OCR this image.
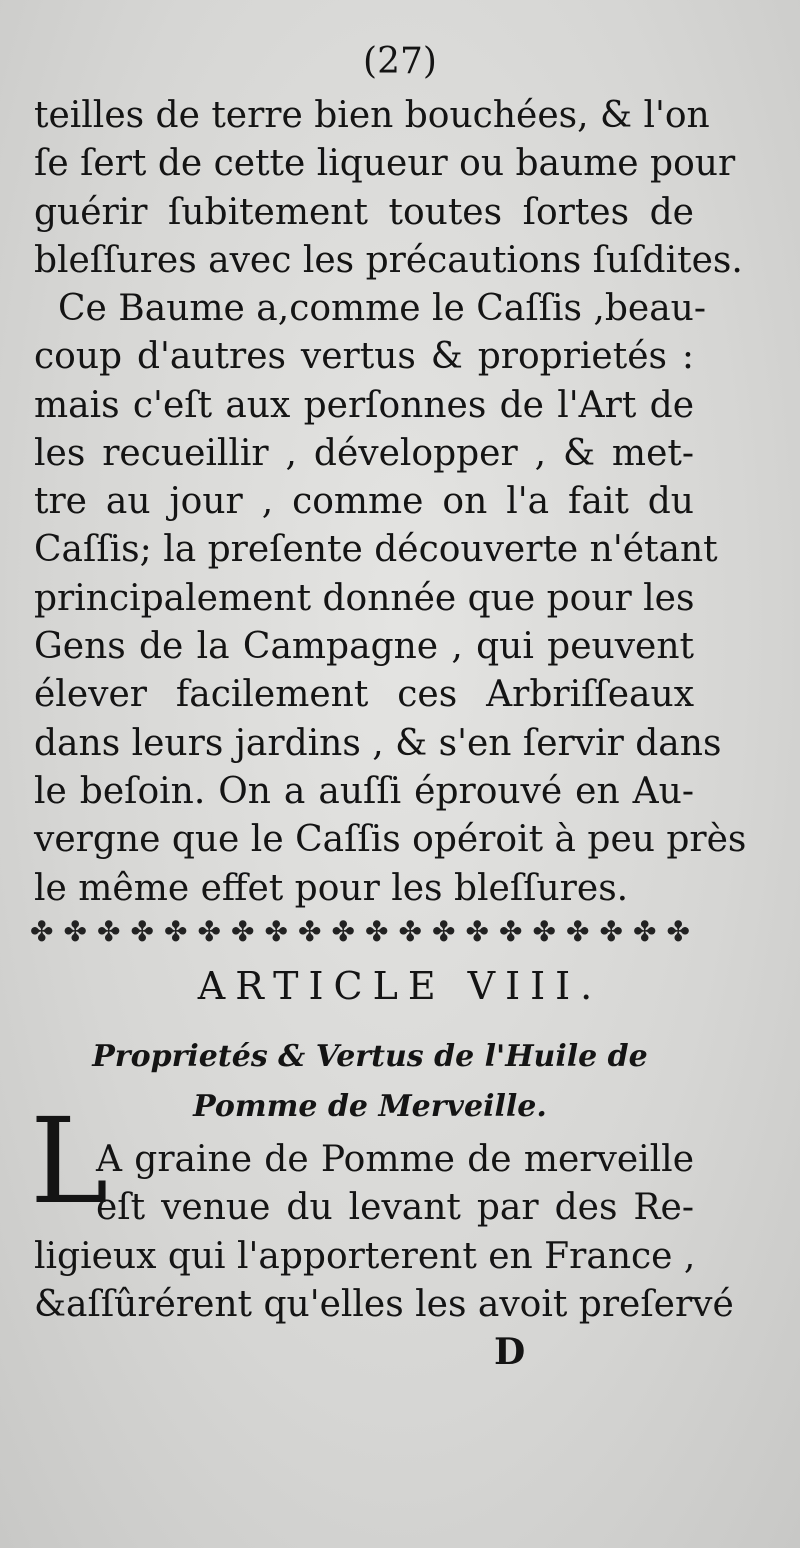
(27)
teilles de terre bien bouchées, & l'on
ſe ſert de cette liqueur ou baume pour
guérir ſubitement toutes ſortes de
bleſſures avec les précautions ſuſdites.
Ce Baume a,comme le Caſſis ,beau-
coup d'autres vertus & proprietés :
mais c'eſt aux perſonnes de l'Art de
les recueillir , développer , & met-
tre au jour , comme on l'a fait du
Caſſis; la preſente découverte n'étant
principalement donnée que pour les
Gens de la Campagne , qui peuvent
élever facilement ces Arbriſſeaux
dans leurs jardins , & s'en ſervir dans
le beſoin. On a auſſi éprouvé en Au-
vergne que le Caſſis opéroit à peu près
le même effet pour les bleſſures.
✤ ✤ ✤ ✤ ✤ ✤ ✤ ✤ ✤ ✤ ✤ ✤ ✤ ✤ ✤ ✤ ✤ ✤ ✤ ✤
ARTICLE VIII.
Proprietés & Vertus de l'Huile de
Pomme de Merveille.
L
A graine de Pomme de merveille
eſt venue du levant par des Re-
ligieux qui l'apporterent en France ,
&aſſûrérent qu'elles les avoit preſervé
D
